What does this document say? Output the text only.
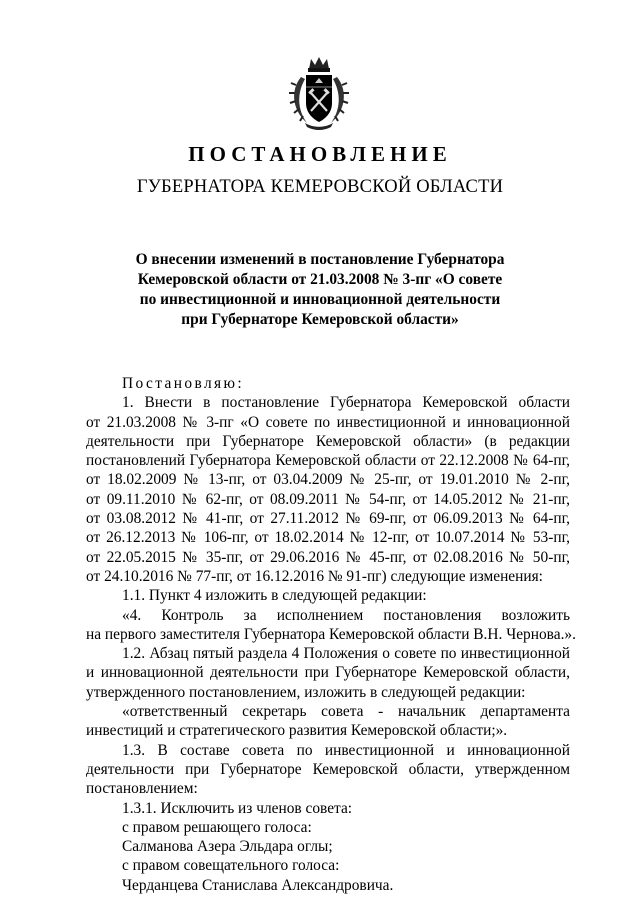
ПОСТАНОВЛЕНИЕ
ГУБЕРНАТОРА КЕМЕРОВСКОЙ ОБЛАСТИ
О внесении изменений в постановление Губернатора
Кемеровской области от 21.03.2008 № 3-пг «О совете
по инвестиционной и инновационной деятельности
при Губернаторе Кемеровской области»
Постановляю:
1. Внести в постановление Губернатора Кемеровской области
от 21.03.2008 № 3-пг «О совете по инвестиционной и инновационной
деятельности при Губернаторе Кемеровской области» (в редакции
постановлений Губернатора Кемеровской области от 22.12.2008 № 64-пг,
от 18.02.2009 № 13-пг, от 03.04.2009 № 25-пг, от 19.01.2010 № 2-пг,
от 09.11.2010 № 62-пг, от 08.09.2011 № 54-пг, от 14.05.2012 № 21-пг,
от 03.08.2012 № 41-пг, от 27.11.2012 № 69-пг, от 06.09.2013 № 64-пг,
от 26.12.2013 № 106-пг, от 18.02.2014 № 12-пг, от 10.07.2014 № 53-пг,
от 22.05.2015 № 35-пг, от 29.06.2016 № 45-пг, от 02.08.2016 № 50-пг,
от 24.10.2016 № 77-пг, от 16.12.2016 № 91-пг) следующие изменения:
1.1. Пункт 4 изложить в следующей редакции:
«4. Контроль за исполнением постановления возложить
на первого заместителя Губернатора Кемеровской области В.Н. Чернова.».
1.2. Абзац пятый раздела 4 Положения о совете по инвестиционной
и инновационной деятельности при Губернаторе Кемеровской области,
утвержденного постановлением, изложить в следующей редакции:
«ответственный секретарь совета - начальник департамента
инвестиций и стратегического развития Кемеровской области;».
1.3. В составе совета по инвестиционной и инновационной
деятельности при Губернаторе Кемеровской области, утвержденном
постановлением:
1.3.1. Исключить из членов совета:
с правом решающего голоса:
Салманова Азера Эльдара оглы;
с правом совещательного голоса:
Черданцева Станислава Александровича.
